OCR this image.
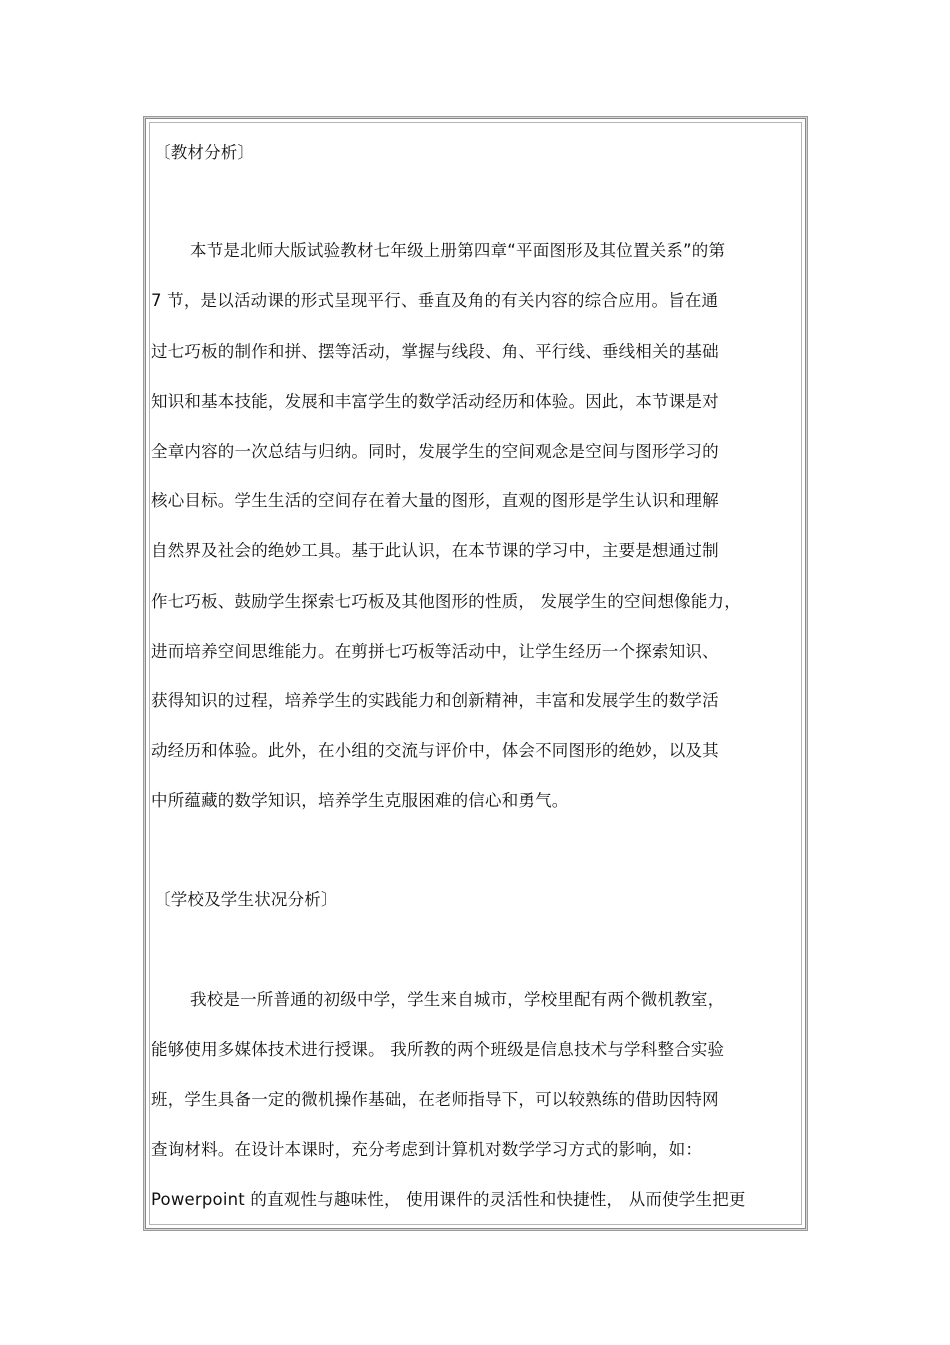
〔教材分析〕
本节是北师大版试验教材七年级上册第四章“平面图形及其位置关系”的第
7 节，是以活动课的形式呈现平行、垂直及角的有关内容的综合应用。旨在通
过七巧板的制作和拼、摆等活动，掌握与线段、角、平行线、垂线相关的基础
知识和基本技能，发展和丰富学生的数学活动经历和体验。因此，本节课是对
全章内容的一次总结与归纳。同时，发展学生的空间观念是空间与图形学习的
核心目标。学生生活的空间存在着大量的图形，直观的图形是学生认识和理解
自然界及社会的绝妙工具。基于此认识，在本节课的学习中，主要是想通过制
作七巧板、鼓励学生探索七巧板及其他图形的性质， 发展学生的空间想像能力，
进而培养空间思维能力。在剪拼七巧板等活动中，让学生经历一个探索知识、
获得知识的过程，培养学生的实践能力和创新精神，丰富和发展学生的数学活
动经历和体验。此外，在小组的交流与评价中，体会不同图形的绝妙，以及其
中所蕴藏的数学知识，培养学生克服困难的信心和勇气。
〔学校及学生状况分析〕
我校是一所普通的初级中学，学生来自城市，学校里配有两个微机教室，
能够使用多媒体技术进行授课。 我所教的两个班级是信息技术与学科整合实验
班，学生具备一定的微机操作基础，在老师指导下，可以较熟练的借助因特网
查询材料。在设计本课时，充分考虑到计算机对数学学习方式的影响，如：
Powerpoint 的直观性与趣味性， 使用课件的灵活性和快捷性， 从而使学生把更
